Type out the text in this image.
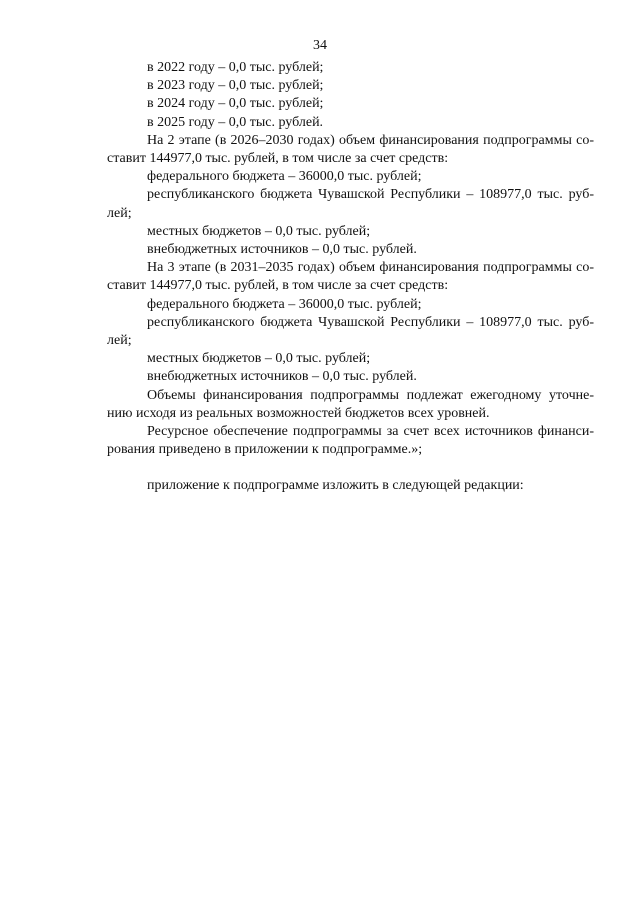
34

в 2022 году – 0,0 тыс. рублей;

в 2023 году – 0,0 тыс. рублей;

в 2024 году – 0,0 тыс. рублей;

в 2025 году – 0,0 тыс. рублей.

На 2 этапе (в 2026–2030 годах) объем финансирования подпрограммы составит 144977,0 тыс. рублей, в том числе за счет средств:

федерального бюджета – 36000,0 тыс. рублей;

республиканского бюджета Чувашской Республики – 108977,0 тыс. рублей;

местных бюджетов – 0,0 тыс. рублей;

внебюджетных источников – 0,0 тыс. рублей.

На 3 этапе (в 2031–2035 годах) объем финансирования подпрограммы составит 144977,0 тыс. рублей, в том числе за счет средств:

федерального бюджета – 36000,0 тыс. рублей;

республиканского бюджета Чувашской Республики – 108977,0 тыс. рублей;

местных бюджетов – 0,0 тыс. рублей;

внебюджетных источников – 0,0 тыс. рублей.

Объемы финансирования подпрограммы подлежат ежегодному уточнению исходя из реальных возможностей бюджетов всех уровней.

Ресурсное обеспечение подпрограммы за счет всех источников финансирования приведено в приложении к подпрограмме.»;

приложение к подпрограмме изложить в следующей редакции:
